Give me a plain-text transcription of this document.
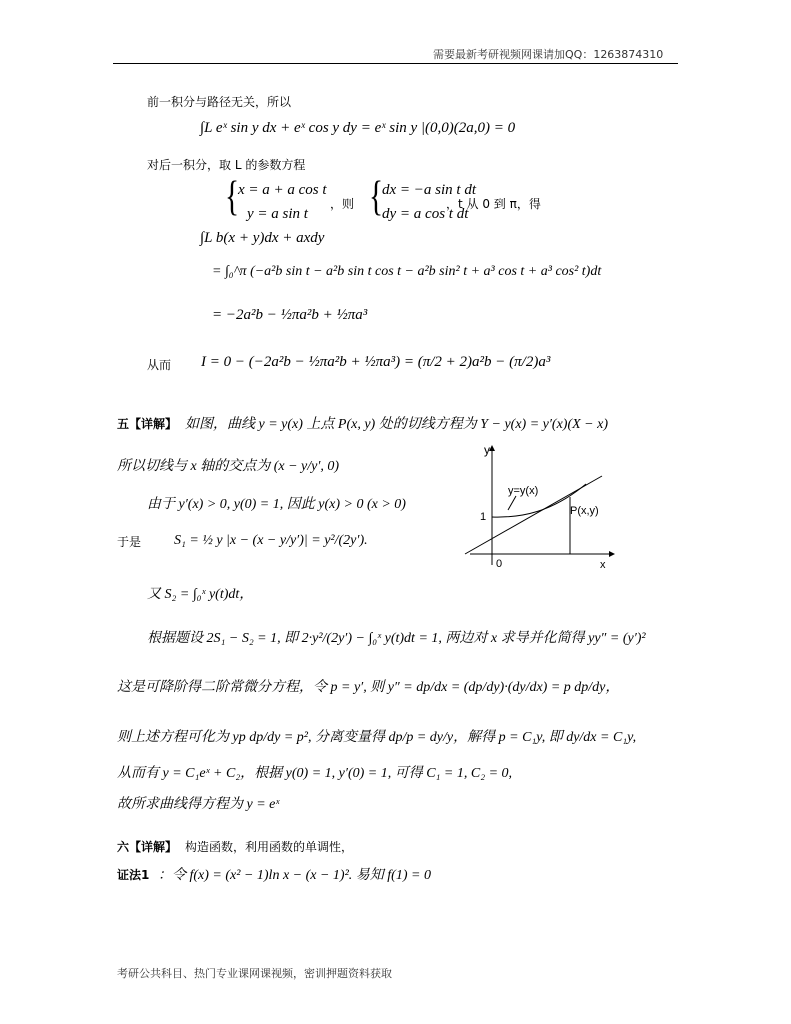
需要最新考研视频网课请加QQ：1263874310
前一积分与路径无关，所以
∫L eˣ sin y dx + eˣ cos y dy = eˣ sin y |(0,0)(2a,0) = 0
对后一积分，取 L 的参数方程
{
x = a + a cos t
y = a sin t
，则 {
dx = −a sin t dt
dy = a cos t dt
，t 从 0 到 π，得
∫L b(x + y)dx + axdy
= ∫₀^π (−a²b sin t − a²b sin t cos t − a²b sin² t + a³ cos t + a³ cos² t)dt
= −2a²b − ½πa²b + ½πa³
从而 I = 0 − (−2a²b − ½πa²b + ½πa³) = (π/2 + 2)a²b − (π/2)a³
五【详解】 如图，曲线 y = y(x) 上点 P(x, y) 处的切线方程为 Y − y(x) = y′(x)(X − x)
所以切线与 x 轴的交点为 (x − y/y′, 0)
由于 y′(x) > 0, y(0) = 1, 因此 y(x) > 0 (x > 0)
于是 S₁ = ½ y |x − (x − y/y′)| = y²/(2y′).
又 S₂ = ∫₀ˣ y(t)dt，
根据题设 2S₁ − S₂ = 1, 即 2·y²/(2y′) − ∫₀ˣ y(t)dt = 1, 两边对 x 求导并化简得 yy″ = (y′)²
这是可降阶得二阶常微分方程，令 p = y′, 则 y″ = dp/dx = (dp/dy)·(dy/dx) = p dp/dy，
则上述方程可化为 yp dp/dy = p², 分离变量得 dp/p = dy/y，解得 p = C₁y, 即 dy/dx = C₁y,
从而有 y = C₁eˣ + C₂，根据 y(0) = 1, y′(0) = 1, 可得 C₁ = 1, C₂ = 0,
故所求曲线得方程为 y = eˣ
y
x
y=y(x)
P(x,y)
1
0
六【详解】 构造函数，利用函数的单调性，
证法1 ：令 f(x) = (x² − 1)ln x − (x − 1)². 易知 f(1) = 0
考研公共科目、热门专业课网课视频，密训押题资料获取
